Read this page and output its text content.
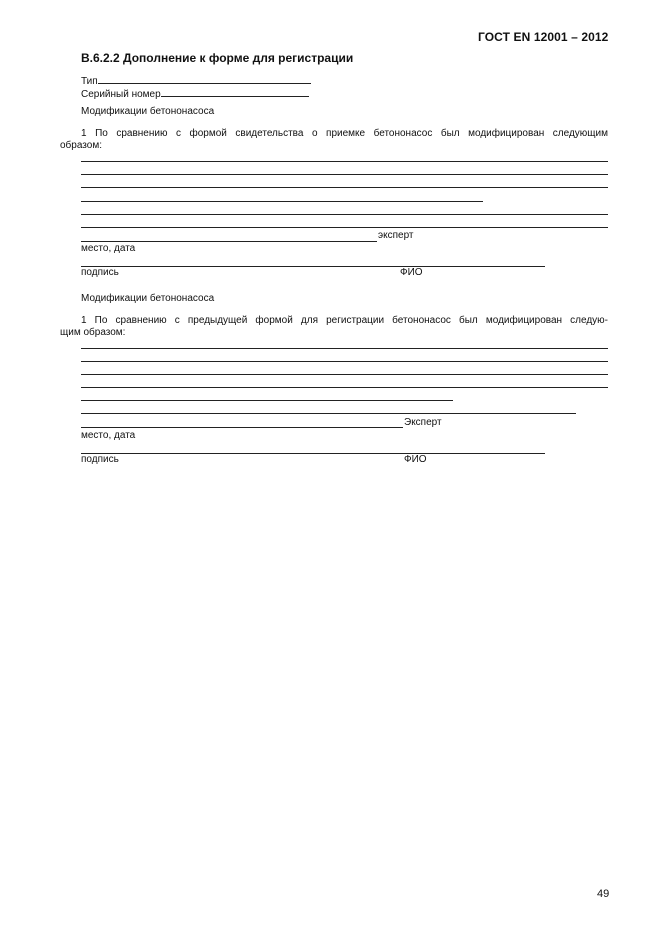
ГОСТ EN 12001 – 2012
В.6.2.2 Дополнение к форме для регистрации
Тип
Серийный номер
Модификации бетононасоса
1 По сравнению с формой свидетельства о приемке бетононасос был модифицирован следующим
образом:
эксперт
место, дата
подпись	ФИО
Модификации бетононасоса
1 По сравнению с предыдущей формой для регистрации бетононасос был модифицирован следую-
щим образом:
Эксперт
место, дата
подпись	ФИО
49
